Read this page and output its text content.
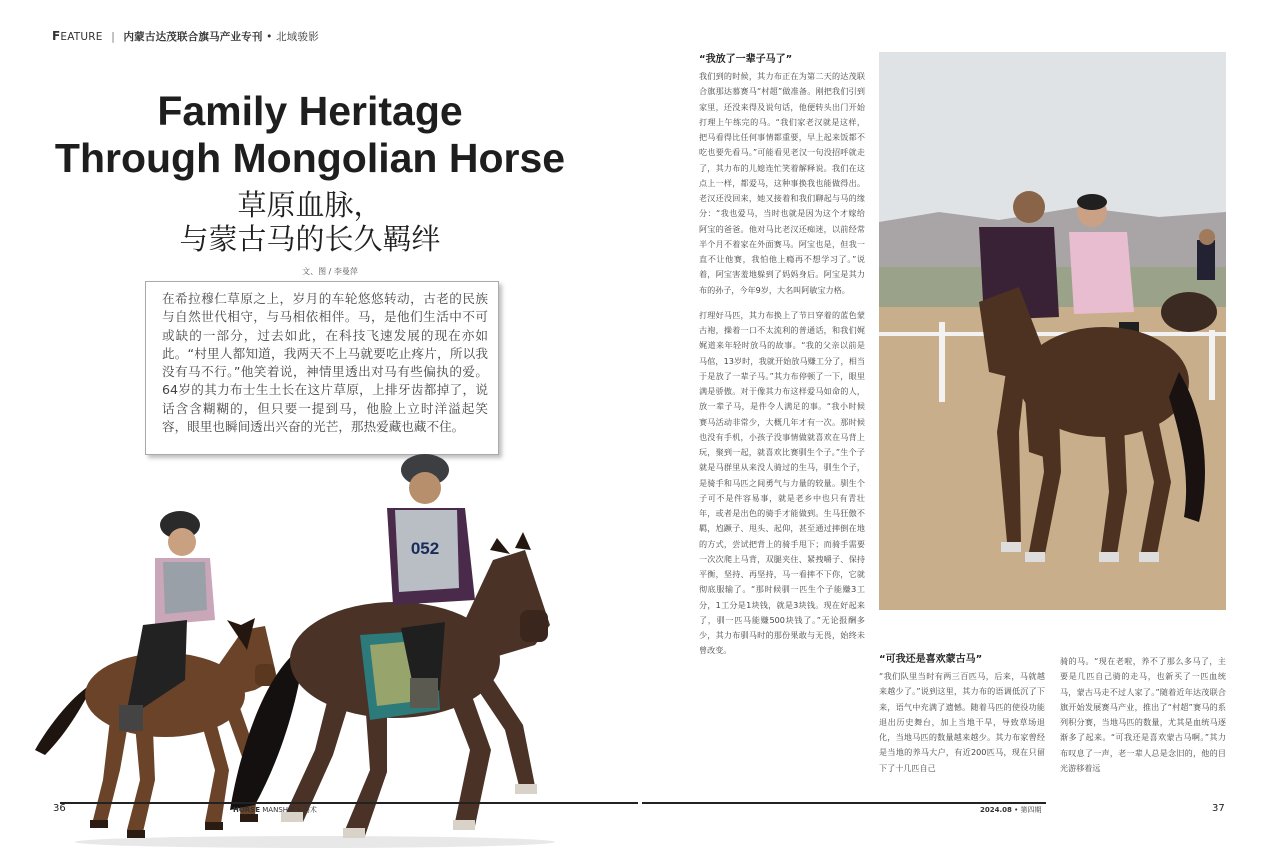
FEATURE | 内蒙古达茂联合旗马产业专刊 • 北域骏影
Family Heritage
Through Mongolian Horse
草原血脉，
与蒙古马的长久羁绊
文、图 / 李曼萍
在希拉穆仁草原之上，岁月的车轮悠悠转动，古老的民族与自然世代相守，与马相依相伴。马，是他们生活中不可或缺的一部分，过去如此，在科技飞速发展的现在亦如此。“村里人都知道，我两天不上马就要吃止疼片，所以我没有马不行。”他笑着说，神情里透出对马有些偏执的爱。64岁的其力布士生土长在这片草原，上排牙齿都掉了，说话含含糊糊的，但只要一提到马，他脸上立时洋溢起笑容，眼里也瞬间透出兴奋的光芒，那热爱藏也藏不住。
052
“我放了一辈子马了”

我们到的时候，其力布正在为第二天的达茂联合旗那达慕赛马“村超”做准备。刚把我们引到家里，还没来得及说句话，他便转头出门开始打理上午练完的马。“我们家老汉就是这样，把马看得比任何事情都重要，早上起来饭都不吃也要先看马。”可能看见老汉一句没招呼就走了，其力布的儿媳连忙笑着解释说。我们在这点上一样，都爱马，这种事换我也能做得出。老汉还没回来，她又接着和我们聊起与马的缘分：“我也爱马，当时也就是因为这个才嫁给阿宝的爸爸。他对马比老汉还痴迷，以前经常半个月不着家在外面赛马。阿宝也是，但我一直不让他赛，我怕他上瘾再不想学习了。”说着，阿宝害羞地躲到了妈妈身后。阿宝是其力布的孙子，今年9岁，大名叫阿敏宝力格。

打理好马匹，其力布换上了节日穿着的蓝色蒙古袍，操着一口不太流利的普通话，和我们娓娓道来年轻时放马的故事。“我的父亲以前是马倌，13岁时，我就开始放马赚工分了，相当于是放了一辈子马。”其力布停顿了一下，眼里满是骄傲。对于像其力布这样爱马如命的人，放一辈子马，是件令人满足的事。“我小时候赛马活动非常少，大概几年才有一次。那时候也没有手机，小孩子没事情做就喜欢在马背上玩，聚到一起，就喜欢比赛驯生个子。”生个子就是马群里从来没人骑过的生马，驯生个子，是骑手和马匹之间勇气与力量的较量。驯生个子可不是件容易事，就是老乡中也只有青壮年，或者是出色的骑手才能做到。生马狂傲不羁，尥蹶子、甩头、起仰，甚至通过摔倒在地的方式，尝试把背上的骑手甩下；而骑手需要一次次爬上马背，双腿夹住、紧拽嚼子、保持平衡，坚持、再坚持，马一看摔不下你，它就彻底服输了。“那时候驯一匹生个子能赚3工分，1工分是1块钱，就是3块钱。现在好起来了，驯一匹马能赚500块钱了。”无论报酬多少，其力布驯马时的那份果敢与无畏，始终未曾改变。

“可我还是喜欢蒙古马”

“我们队里当时有两三百匹马，后来，马就越来越少了。”说到这里，其力布的语调低沉了下来，语气中充满了遗憾。随着马匹的使役功能退出历史舞台，加上当地干旱，导致草场退化，当地马匹的数量越来越少。其力布家曾经是当地的养马大户，有近200匹马，现在只留下了十几匹自己

骑的马。“现在老啦，养不了那么多马了，主要是几匹自己骑的走马，也新买了一匹血统马，蒙古马走不过人家了。”随着近年达茂联合旗开始发展赛马产业，推出了“村超”赛马的系列积分赛，当地马匹的数量，尤其是血统马逐渐多了起来。“可我还是喜欢蒙古马啊。”其力布叹息了一声，老一辈人总是念旧的，他的目光游移着远

36	37
HORSE MANSHIP • 马术	2024.08 • 第四期
